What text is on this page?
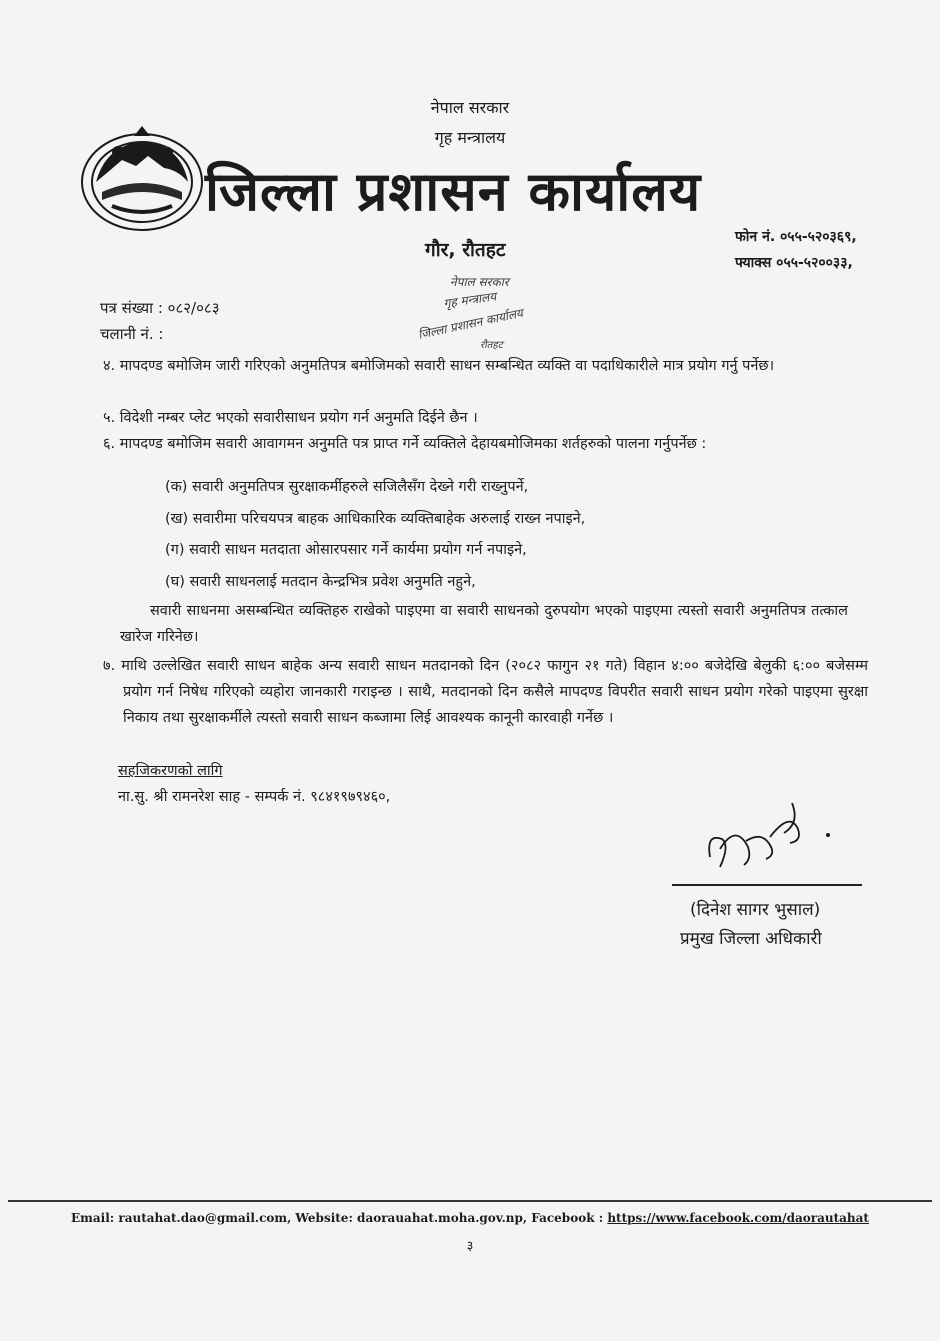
नेपाल सरकार
गृह मन्त्रालय
जिल्ला प्रशासन कार्यालय
गौर, रौतहट
फोन नं. ०५५-५२०३६९,
फ्याक्स ०५५-५२००३३,
नेपाल सरकार
गृह मन्त्रालय
जिल्ला प्रशासन कार्यालय
रौतहट
पत्र संख्या : ०८२/०८३
चलानी नं. :
४. मापदण्ड बमोजिम जारी गरिएको अनुमतिपत्र बमोजिमको सवारी साधन सम्बन्धित व्यक्ति वा पदाधिकारीले मात्र प्रयोग गर्नु पर्नेछ।
५. विदेशी नम्बर प्लेट भएको सवारीसाधन प्रयोग गर्न अनुमति दिईने छैन ।
६. मापदण्ड बमोजिम सवारी आवागमन अनुमति पत्र प्राप्त गर्ने व्यक्तिले देहायबमोजिमका शर्तहरुको पालना गर्नुपर्नेछ :
(क) सवारी अनुमतिपत्र सुरक्षाकर्मीहरुले सजिलैसँग देख्ने गरी राख्नुपर्ने,
(ख) सवारीमा परिचयपत्र बाहक आधिकारिक व्यक्तिबाहेक अरुलाई राख्न नपाइने,
(ग) सवारी साधन मतदाता ओसारपसार गर्ने कार्यमा प्रयोग गर्न नपाइने,
(घ) सवारी साधनलाई मतदान केन्द्रभित्र प्रवेश अनुमति नहुने,
सवारी साधनमा असम्बन्धित व्यक्तिहरु राखेको पाइएमा वा सवारी साधनको दुरुपयोग भएको पाइएमा त्यस्तो सवारी अनुमतिपत्र तत्काल खारेज गरिनेछ।
७. माथि उल्लेखित सवारी साधन बाहेक अन्य सवारी साधन मतदानको दिन (२०८२ फागुन २१ गते) विहान ४:०० बजेदेखि बेलुकी ६:०० बजेसम्म प्रयोग गर्न निषेध गरिएको व्यहोरा जानकारी गराइन्छ । साथै, मतदानको दिन कसैले मापदण्ड विपरीत सवारी साधन प्रयोग गरेको पाइएमा सुरक्षा निकाय तथा सुरक्षाकर्मीले त्यस्तो सवारी साधन कब्जामा लिई आवश्यक कानूनी कारवाही गर्नेछ ।
सहजिकरणको लागि
ना.सु. श्री रामनरेश साह - सम्पर्क नं. ९८४१९७९४६०,
(दिनेश सागर भुसाल)
प्रमुख जिल्ला अधिकारी
Email: rautahat.dao@gmail.com, Website: daorauahat.moha.gov.np, Facebook : https://www.facebook.com/daorautahat
३
